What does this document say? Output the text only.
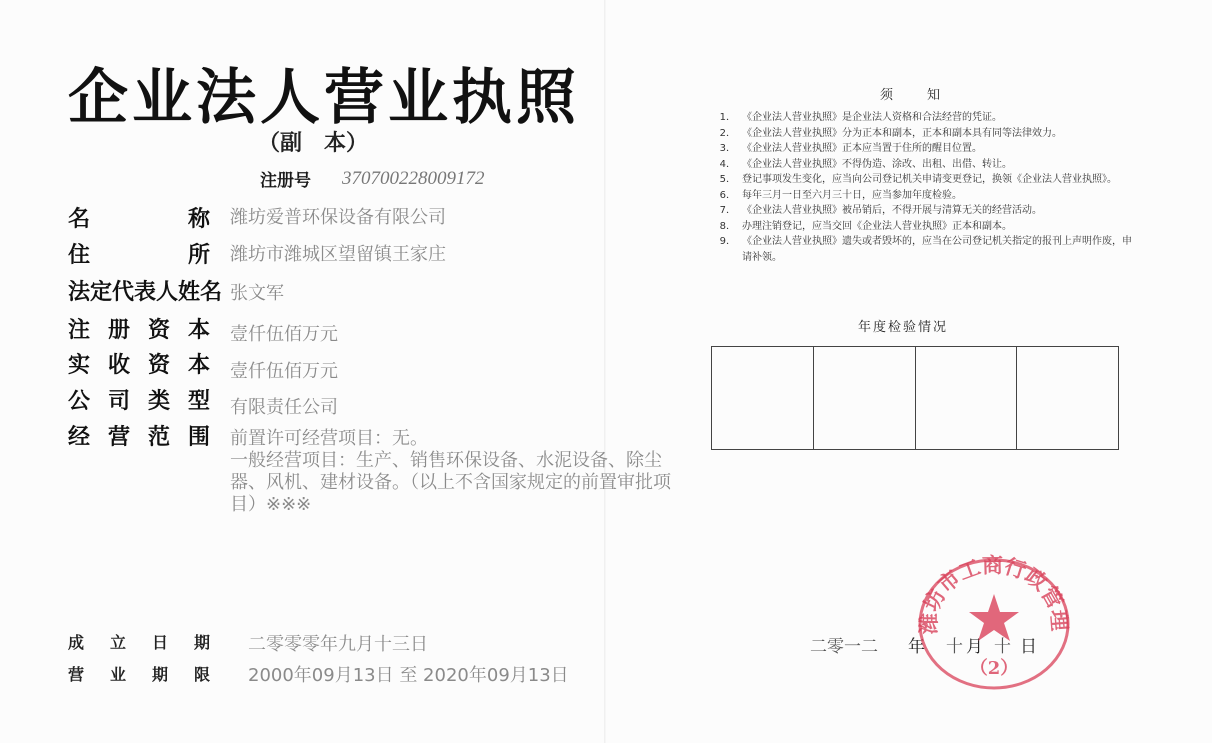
企业法人营业执照
（副　本）
注册号 370700228009172
名	称 潍坊爱普环保设备有限公司
住	所 潍坊市潍城区望留镇王家庄
法定代表人姓名 张文军
注 册 资 本 壹仟伍佰万元
实 收 资 本 壹仟伍佰万元
公 司 类 型 有限责任公司
经 营 范 围 前置许可经营项目：无。
一般经营项目：生产、销售环保设备、水泥设备、除尘
器、风机、建材设备。（以上不含国家规定的前置审批项
目）※※※
成 立 日 期 二零零零年九月十三日
营 业 期 限 2000年09月13日 至 2020年09月13日
须知
1． 《企业法人营业执照》是企业法人资格和合法经营的凭证。
2． 《企业法人营业执照》分为正本和副本，正本和副本具有同等法律效力。
3． 《企业法人营业执照》正本应当置于住所的醒目位置。
4． 《企业法人营业执照》不得伪造、涂改、出租、出借、转让。
5． 登记事项发生变化，应当向公司登记机关申请变更登记，换领《企业法人营业执照》。
6． 每年三月一日至六月三十日，应当参加年度检验。
7． 《企业法人营业执照》被吊销后，不得开展与清算无关的经营活动。
8． 办理注销登记，应当交回《企业法人营业执照》正本和副本。
9． 《企业法人营业执照》遗失或者毁坏的，应当在公司登记机关指定的报刊上声明作废，申请补领。
年度检验情况
二零一二 年 十 月 十 日
潍坊市工商行政管理
（2）
